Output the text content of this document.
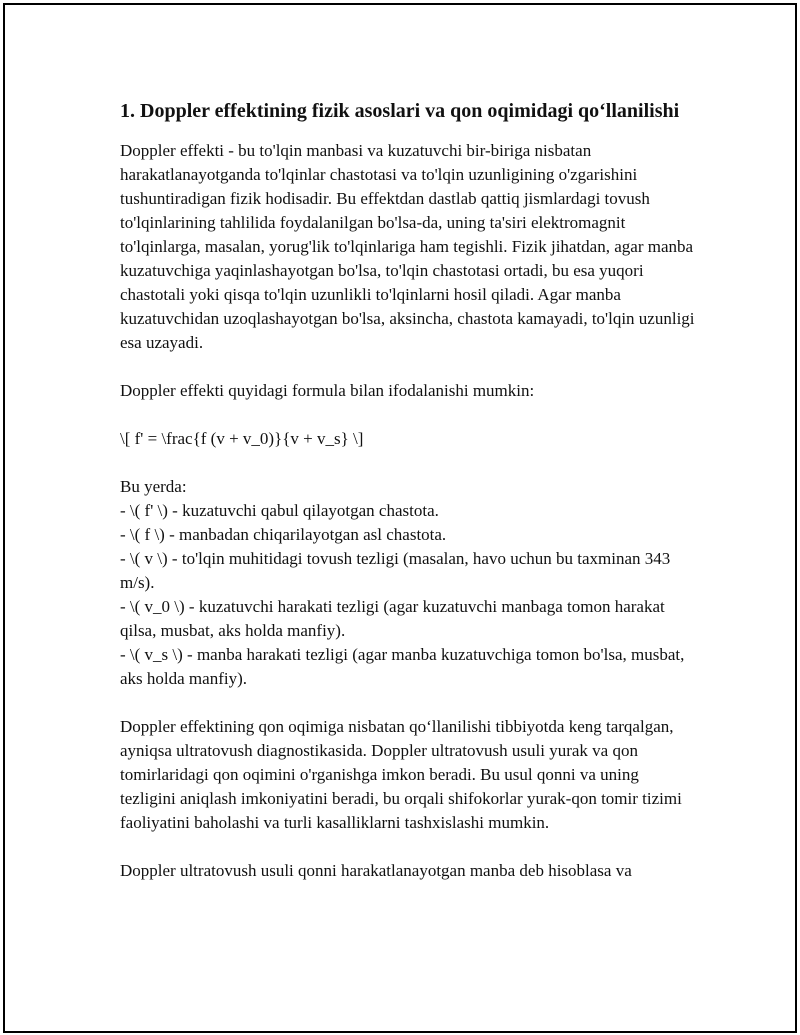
1. Doppler effektining fizik asoslari va qon oqimidagi qo‘llanilishi

Doppler effekti - bu to'lqin manbasi va kuzatuvchi bir-biriga nisbatan harakatlanayotganda to'lqinlar chastotasi va to'lqin uzunligining o'zgarishini tushuntiradigan fizik hodisadir. Bu effektdan dastlab qattiq jismlardagi tovush to'lqinlarining tahlilida foydalanilgan bo'lsa-da, uning ta'siri elektromagnit to'lqinlarga, masalan, yorug'lik to'lqinlariga ham tegishli. Fizik jihatdan, agar manba kuzatuvchiga yaqinlashayotgan bo'lsa, to'lqin chastotasi ortadi, bu esa yuqori chastotali yoki qisqa to'lqin uzunlikli to'lqinlarni hosil qiladi. Agar manba kuzatuvchidan uzoqlashayotgan bo'lsa, aksincha, chastota kamayadi, to'lqin uzunligi esa uzayadi.

Doppler effekti quyidagi formula bilan ifodalanishi mumkin:

\[ f' = \frac{f (v + v_0)}{v + v_s} \]

Bu yerda:

- \( f' \) - kuzatuvchi qabul qilayotgan chastota.
- \( f \) - manbadan chiqarilayotgan asl chastota.
- \( v \) - to'lqin muhitidagi tovush tezligi (masalan, havo uchun bu taxminan 343 m/s).
- \( v_0 \) - kuzatuvchi harakati tezligi (agar kuzatuvchi manbaga tomon harakat qilsa, musbat, aks holda manfiy).
- \( v_s \) - manba harakati tezligi (agar manba kuzatuvchiga tomon bo'lsa, musbat, aks holda manfiy).

Doppler effektining qon oqimiga nisbatan qo‘llanilishi tibbiyotda keng tarqalgan, ayniqsa ultratovush diagnostikasida. Doppler ultratovush usuli yurak va qon tomirlaridagi qon oqimini o'rganishga imkon beradi. Bu usul qonni va uning tezligini aniqlash imkoniyatini beradi, bu orqali shifokorlar yurak-qon tomir tizimi faoliyatini baholashi va turli kasalliklarni tashxislashi mumkin.

Doppler ultratovush usuli qonni harakatlanayotgan manba deb hisoblasa va
